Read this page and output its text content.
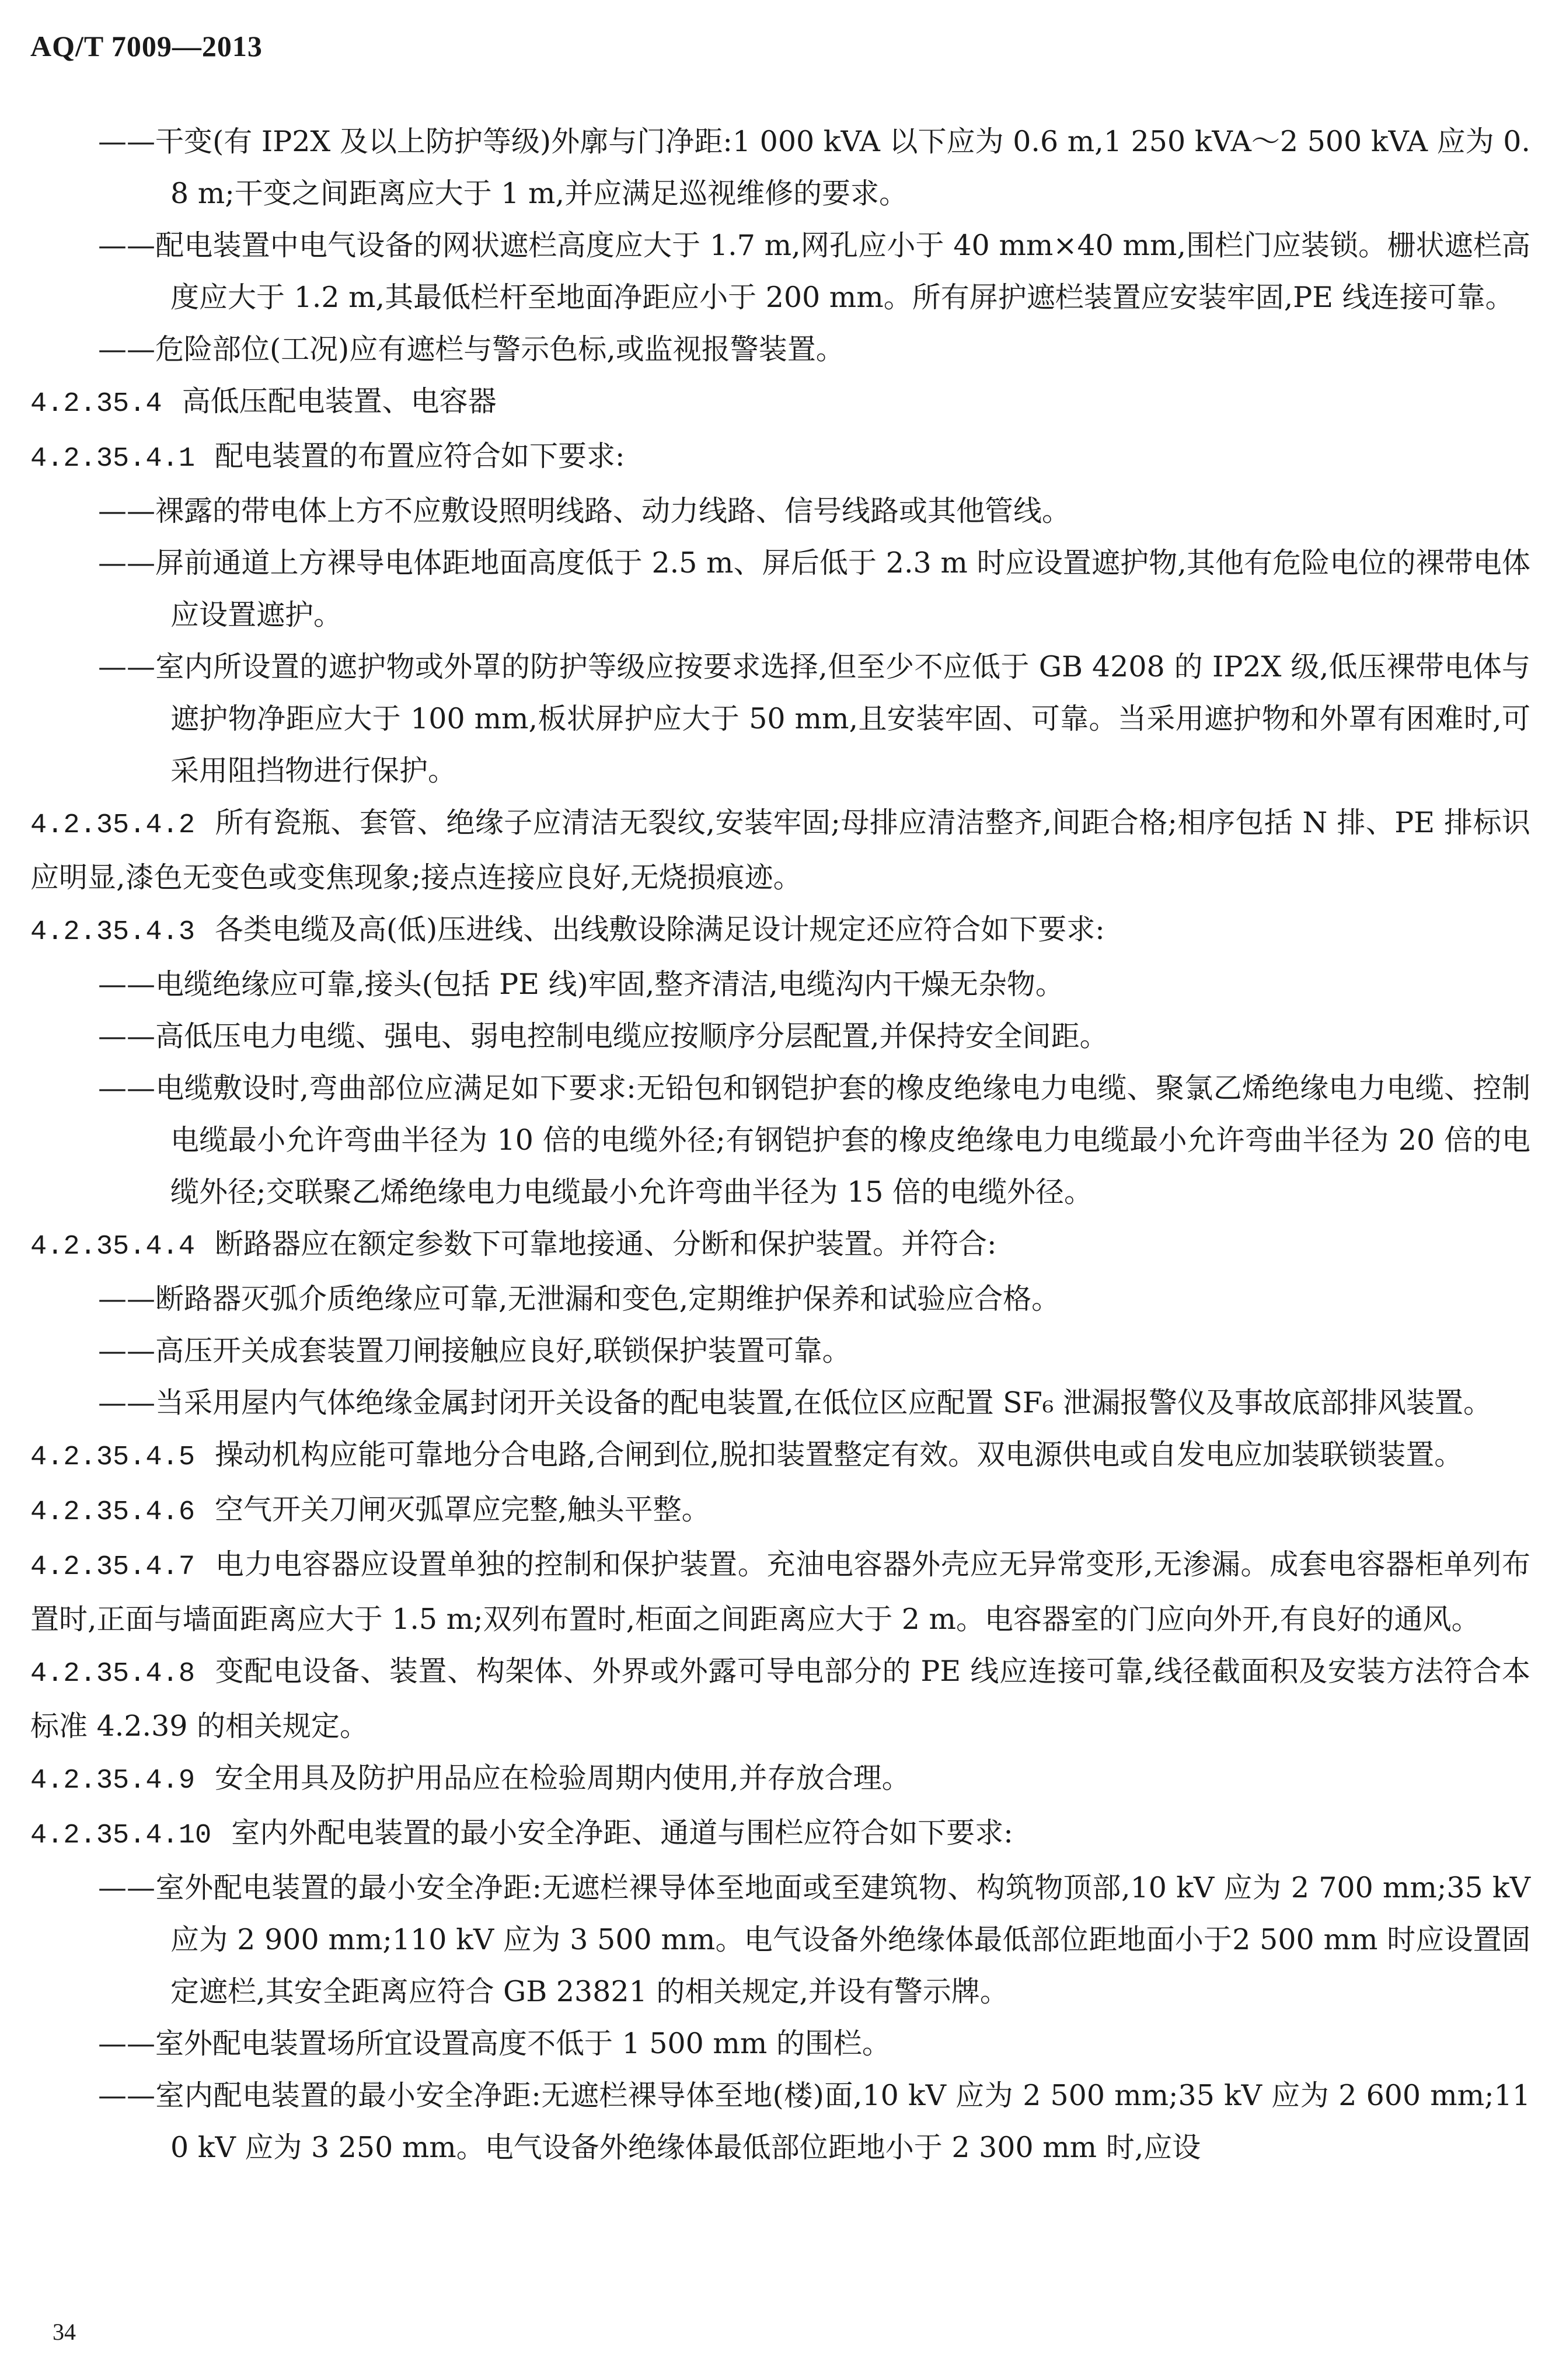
AQ/T 7009—2013

——干变(有 IP2X 及以上防护等级)外廓与门净距:1 000 kVA 以下应为 0.6 m,1 250 kVA～2 500 kVA 应为 0.8 m;干变之间距离应大于 1 m,并应满足巡视维修的要求。

——配电装置中电气设备的网状遮栏高度应大于 1.7 m,网孔应小于 40 mm×40 mm,围栏门应装锁。栅状遮栏高度应大于 1.2 m,其最低栏杆至地面净距应小于 200 mm。所有屏护遮栏装置应安装牢固,PE 线连接可靠。

——危险部位(工况)应有遮栏与警示色标,或监视报警装置。

4.2.35.4 高低压配电装置、电容器

4.2.35.4.1 配电装置的布置应符合如下要求:

——裸露的带电体上方不应敷设照明线路、动力线路、信号线路或其他管线。

——屏前通道上方裸导电体距地面高度低于 2.5 m、屏后低于 2.3 m 时应设置遮护物,其他有危险电位的裸带电体应设置遮护。

——室内所设置的遮护物或外罩的防护等级应按要求选择,但至少不应低于 GB 4208 的 IP2X 级,低压裸带电体与遮护物净距应大于 100 mm,板状屏护应大于 50 mm,且安装牢固、可靠。当采用遮护物和外罩有困难时,可采用阻挡物进行保护。

4.2.35.4.2 所有瓷瓶、套管、绝缘子应清洁无裂纹,安装牢固;母排应清洁整齐,间距合格;相序包括 N 排、PE 排标识应明显,漆色无变色或变焦现象;接点连接应良好,无烧损痕迹。

4.2.35.4.3 各类电缆及高(低)压进线、出线敷设除满足设计规定还应符合如下要求:

——电缆绝缘应可靠,接头(包括 PE 线)牢固,整齐清洁,电缆沟内干燥无杂物。

——高低压电力电缆、强电、弱电控制电缆应按顺序分层配置,并保持安全间距。

——电缆敷设时,弯曲部位应满足如下要求:无铅包和钢铠护套的橡皮绝缘电力电缆、聚氯乙烯绝缘电力电缆、控制电缆最小允许弯曲半径为 10 倍的电缆外径;有钢铠护套的橡皮绝缘电力电缆最小允许弯曲半径为 20 倍的电缆外径;交联聚乙烯绝缘电力电缆最小允许弯曲半径为 15 倍的电缆外径。

4.2.35.4.4 断路器应在额定参数下可靠地接通、分断和保护装置。并符合:

——断路器灭弧介质绝缘应可靠,无泄漏和变色,定期维护保养和试验应合格。

——高压开关成套装置刀闸接触应良好,联锁保护装置可靠。

——当采用屋内气体绝缘金属封闭开关设备的配电装置,在低位区应配置 SF₆ 泄漏报警仪及事故底部排风装置。

4.2.35.4.5 操动机构应能可靠地分合电路,合闸到位,脱扣装置整定有效。双电源供电或自发电应加装联锁装置。

4.2.35.4.6 空气开关刀闸灭弧罩应完整,触头平整。

4.2.35.4.7 电力电容器应设置单独的控制和保护装置。充油电容器外壳应无异常变形,无渗漏。成套电容器柜单列布置时,正面与墙面距离应大于 1.5 m;双列布置时,柜面之间距离应大于 2 m。电容器室的门应向外开,有良好的通风。

4.2.35.4.8 变配电设备、装置、构架体、外界或外露可导电部分的 PE 线应连接可靠,线径截面积及安装方法符合本标准 4.2.39 的相关规定。

4.2.35.4.9 安全用具及防护用品应在检验周期内使用,并存放合理。

4.2.35.4.10 室内外配电装置的最小安全净距、通道与围栏应符合如下要求:

——室外配电装置的最小安全净距:无遮栏裸导体至地面或至建筑物、构筑物顶部,10 kV 应为 2 700 mm;35 kV 应为 2 900 mm;110 kV 应为 3 500 mm。电气设备外绝缘体最低部位距地面小于2 500 mm 时应设置固定遮栏,其安全距离应符合 GB 23821 的相关规定,并设有警示牌。

——室外配电装置场所宜设置高度不低于 1 500 mm 的围栏。

——室内配电装置的最小安全净距:无遮栏裸导体至地(楼)面,10 kV 应为 2 500 mm;35 kV 应为 2 600 mm;110 kV 应为 3 250 mm。电气设备外绝缘体最低部位距地小于 2 300 mm 时,应设

34
